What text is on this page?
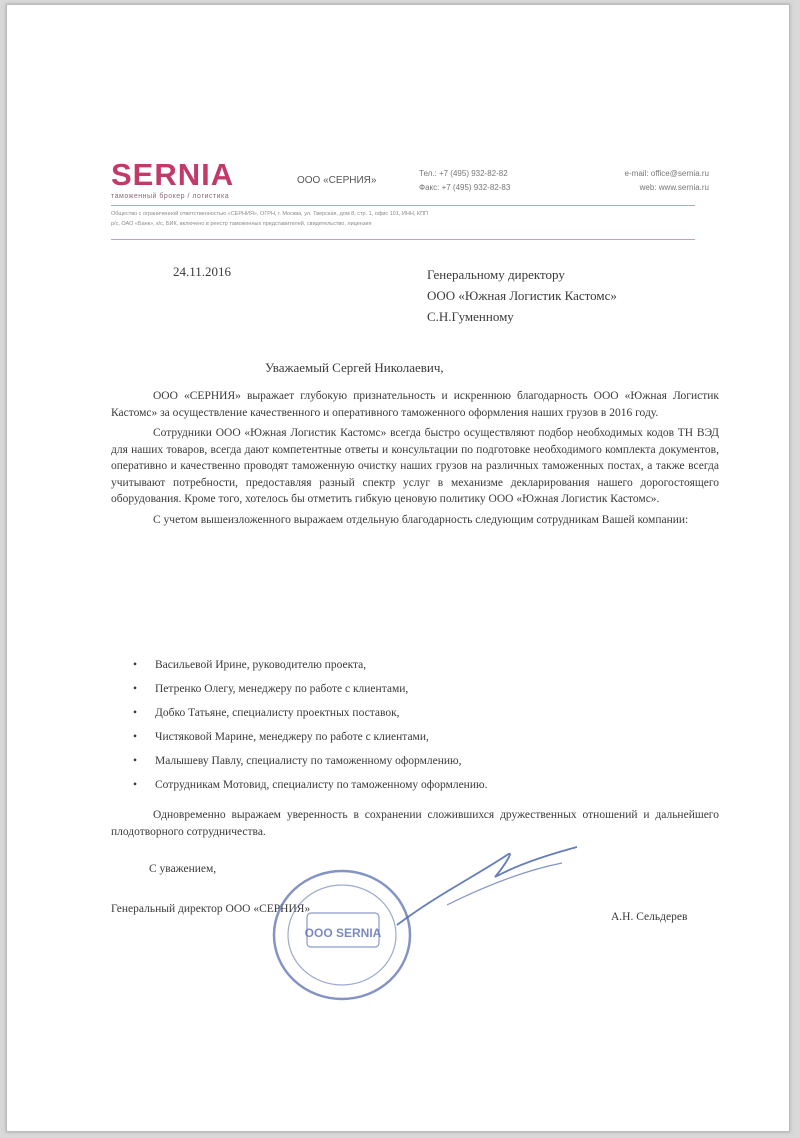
SERNIA
таможенный брокер / логистика
ООО «СЕРНИЯ»
Тел.: +7 (495) 932-82-82	e-mail: office@sernia.ru
Факс: +7 (495) 932-82-83	web: www.sernia.ru
Общество с ограниченной ответственностью «СЕРНИЯ», ОГРН, г. Москва, ул. Тверская, дом 8, стр. 1, офис 101, ИНН, КПП
р/с, ОАО «Банк», к/с, БИК, включено в реестр таможенных представителей, свидетельство, лицензия
24.11.2016	Генеральному директору
ООО «Южная Логистик Кастомс»
С.Н.Гуменному
Уважаемый Сергей Николаевич,

ООО «СЕРНИЯ» выражает глубокую признательность и искреннюю благодарность ООО «Южная Логистик Кастомс» за осуществление качественного и оперативного таможенного оформления наших грузов в 2016 году.

Сотрудники ООО «Южная Логистик Кастомс» всегда быстро осуществляют подбор необходимых кодов ТН ВЭД для наших товаров, всегда дают компетентные ответы и консультации по подготовке необходимого комплекта документов, оперативно и качественно проводят таможенную очистку наших грузов на различных таможенных постах, а также всегда учитывают потребности, предоставляя разный спектр услуг в механизме декларирования нашего дорогостоящего оборудования. Кроме того, хотелось бы отметить гибкую ценовую политику ООО «Южная Логистик Кастомс».

С учетом вышеизложенного выражаем отдельную благодарность следующим сотрудникам Вашей компании:

•	Васильевой Ирине, руководителю проекта,
•	Петренко Олегу, менеджеру по работе с клиентами,
•	Добко Татьяне, специалисту проектных поставок,
•	Чистяковой Марине, менеджеру по работе с клиентами,
•	Малышеву Павлу, специалисту по таможенному оформлению,
•	Сотрудникам Мотовид, специалисту по таможенному оформлению.
Одновременно выражаем уверенность в сохранении сложившихся дружественных отношений и дальнейшего плодотворного сотрудничества.
С уважением,
Генеральный директор ООО «СЕРНИЯ»
ООО SERNIA
А.Н. Сельдерев
